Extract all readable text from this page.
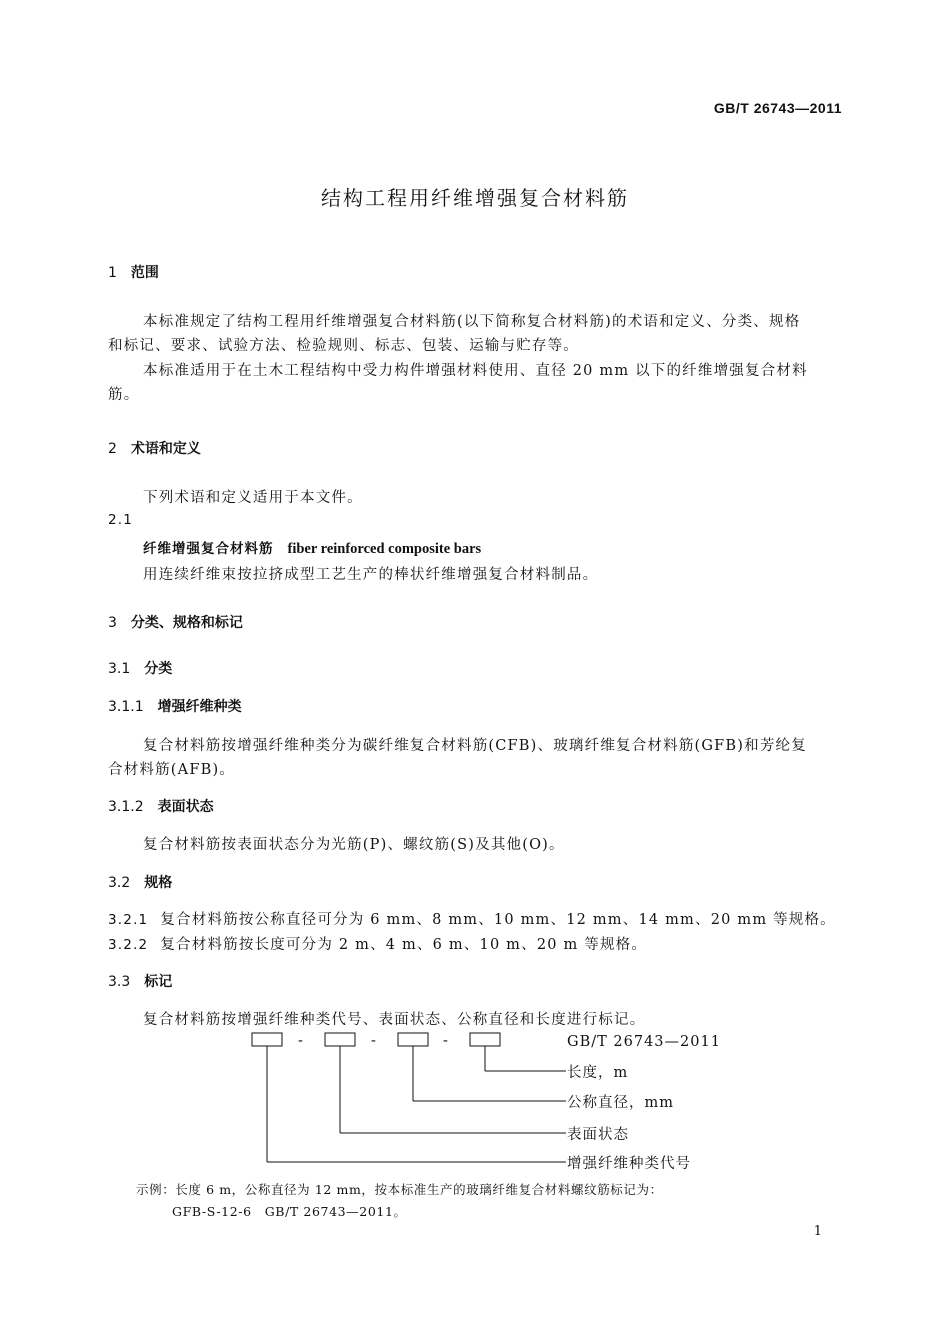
GB/T 26743—2011
结构工程用纤维增强复合材料筋
1 范围
本标准规定了结构工程用纤维增强复合材料筋(以下简称复合材料筋)的术语和定义、分类、规格和标记、要求、试验方法、检验规则、标志、包装、运输与贮存等。
本标准适用于在土木工程结构中受力构件增强材料使用、直径 20 mm 以下的纤维增强复合材料筋。
2 术语和定义
下列术语和定义适用于本文件。
2.1
纤维增强复合材料筋 fiber reinforced composite bars
用连续纤维束按拉挤成型工艺生产的棒状纤维增强复合材料制品。
3 分类、规格和标记
3.1 分类
3.1.1 增强纤维种类
复合材料筋按增强纤维种类分为碳纤维复合材料筋(CFB)、玻璃纤维复合材料筋(GFB)和芳纶复合材料筋(AFB)。
3.1.2 表面状态
复合材料筋按表面状态分为光筋(P)、螺纹筋(S)及其他(O)。
3.2 规格
3.2.1 复合材料筋按公称直径可分为 6 mm、8 mm、10 mm、12 mm、14 mm、20 mm 等规格。
3.2.2 复合材料筋按长度可分为 2 m、4 m、6 m、10 m、20 m 等规格。
3.3 标记
复合材料筋按增强纤维种类代号、表面状态、公称直径和长度进行标记。
-	-	-	GB/T 26743—2011
长度，m
公称直径，mm
表面状态
增强纤维种类代号
示例：长度 6 m，公称直径为 12 mm，按本标准生产的玻璃纤维复合材料螺纹筋标记为：
GFB-S-12-6　GB/T 26743—2011。
1
